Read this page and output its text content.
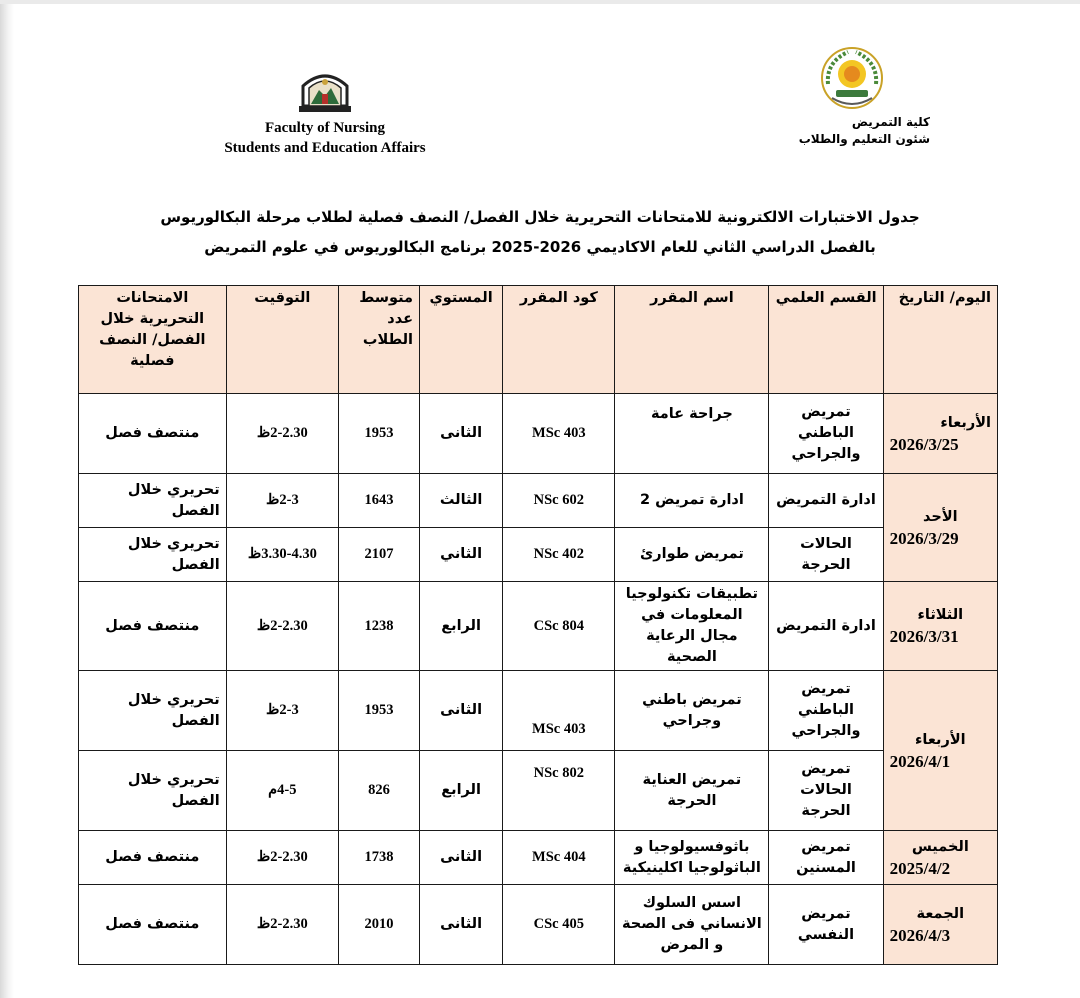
Faculty of Nursing
Students and Education Affairs
كلية التمريض
شئون التعليم والطلاب
جدول الاختبارات الالكترونية للامتحانات التحريرية خلال الفصل/ النصف فصلية لطلاب مرحلة البكالوريوس
بالفصل الدراسي الثاني للعام الاكاديمي 2026-2025 برنامج البكالوريوس في علوم التمريض
اليوم/ التاريخ	القسم العلمي	اسم المقرر	كود المقرر	المستوي	متوسط عدد الطلاب	التوقيت	الامتحانات التحريرية خلال الفصل/ النصف فصلية

الأربعاء
2026/3/25	تمريض الباطني والجراحي	جراحة عامة	MSc 403	الثانى	1953	2-2.30ظ	منتصف فصل

الأحد
2026/3/29	ادارة التمريض	ادارة تمريض 2	NSc 602	الثالث	1643	2-3ظ	تحريري خلال الفصل
	الحالات الحرجة	تمريض طوارئ	NSc 402	الثاني	2107	3.30-4.30ظ	تحريري خلال الفصل

الثلاثاء
2026/3/31	ادارة التمريض	تطبيقات تكنولوجيا المعلومات في مجال الرعاية الصحية	CSc 804	الرابع	1238	2-2.30ظ	منتصف فصل

الأربعاء
2026/4/1	تمريض الباطني والجراحي	تمريض باطني وجراحي	MSc 403	الثانى	1953	2-3ظ	تحريري خلال الفصل
	تمريض الحالات الحرجة	تمريض العناية الحرجة	NSc 802	الرابع	826	4-5م	تحريري خلال الفصل

الخميس
2025/4/2	تمريض المسنين	باثوفسيولوجيا و الباثولوجيا اكلينيكية	MSc 404	الثانى	1738	2-2.30ظ	منتصف فصل

الجمعة
2026/4/3	تمريض النفسي	اسس السلوك الانساني فى الصحة و المرض	CSc 405	الثانى	2010	2-2.30ظ	منتصف فصل
